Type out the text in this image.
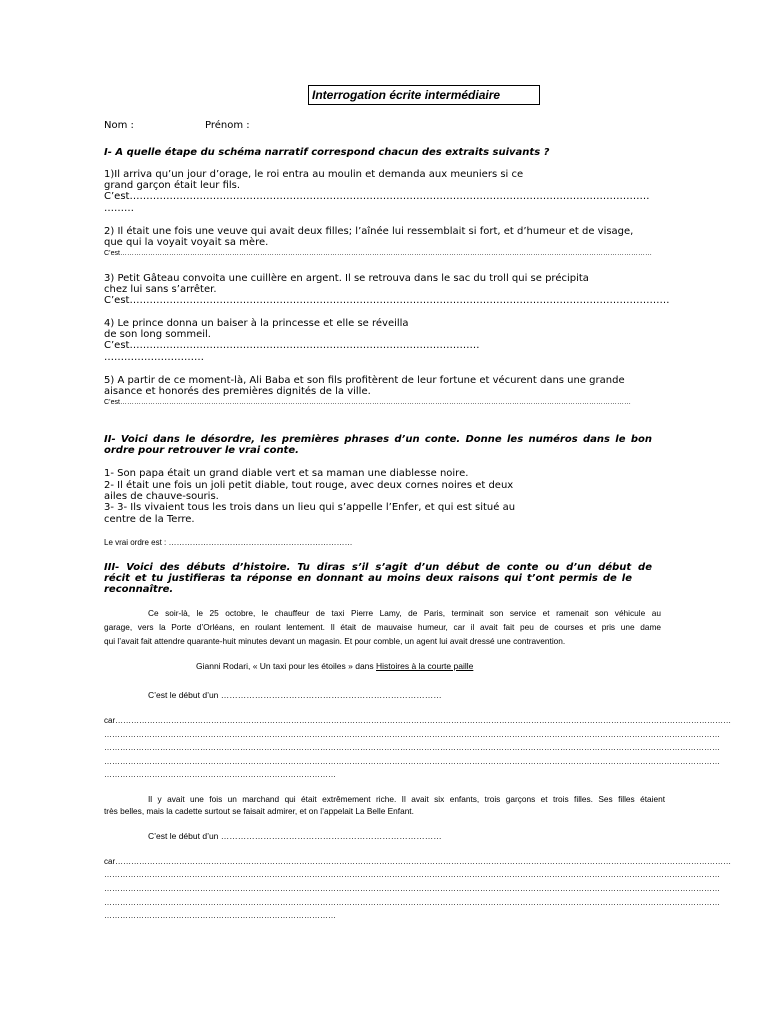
Interrogation écrite intermédiaire
Nom :	Prénom :
I- A quelle étape du schéma narratif correspond chacun des extraits suivants ?
1)Il arriva qu’un jour d’orage, le roi entra au moulin et demanda aux meuniers si ce
grand garçon était leur fils.
C’est…………………………………………………………………………………………………………………………………………
………
2) Il était une fois une veuve qui avait deux filles; l’aînée lui ressemblait si fort, et d’humeur et de visage,
que qui la voyait voyait sa mère.
C’est…………………………………………………………………………………………………………………………………………………………………………………………………………
3) Petit Gâteau convoita une cuillère en argent. Il se retrouva dans le sac du troll qui se précipita
chez lui sans s’arrêter.
C’est………………………………………………………………………………………………………………………………………………
4) Le prince donna un baiser à la princesse et elle se réveilla
de son long sommeil.
C’est……………………………………………………………………………………………
…………………………
5) A partir de ce moment-là, Ali Baba et son fils profitèrent de leur fortune et vécurent dans une grande
aisance et honorés des premières dignités de la ville.
C’est…………………………………………………………………………………………………………………………………………………………………………………………………
II- Voici dans le désordre, les premières phrases d’un conte. Donne les numéros dans le bon
ordre pour retrouver le vrai conte.
1- Son papa était un grand diable vert et sa maman une diablesse noire.
2- Il était une fois un joli petit diable, tout rouge, avec deux cornes noires et deux
ailes de chauve-souris.
3- 3- Ils vivaient tous les trois dans un lieu qui s’appelle l’Enfer, et qui est situé au
centre de la Terre.
Le vrai ordre est : ……………………………………………………………
III- Voici des débuts d’histoire. Tu diras s’il s’agit d’un début de conte ou d’un début de
récit et tu justifieras ta réponse en donnant au moins deux raisons qui t’ont permis de le
reconnaître.
Ce soir-là, le 25 octobre, le chauffeur de taxi Pierre Lamy, de Paris, terminait son service et ramenait son véhicule au
garage, vers la Porte d’Orléans, en roulant lentement. Il était de mauvaise humeur, car il avait fait peu de courses et pris une dame
qui l’avait fait attendre quarante-huit minutes devant un magasin. Et pour comble, un agent lui avait dressé une contravention.
Gianni Rodari, « Un taxi pour les étoiles » dans Histoires à la courte paille
C’est le début d’un ……………………………………………………………………
car……………………………………………………………………………………………………………………………………………………………………………………………………………
……………………………………………………………………………………………………………………………………………………………………………………………………………
……………………………………………………………………………………………………………………………………………………………………………………………………………
……………………………………………………………………………………………………………………………………………………………………………………………………………
……………………………………………………………………………
Il y avait une fois un marchand qui était extrêmement riche. Il avait six enfants, trois garçons et trois filles. Ses filles étaient
très belles, mais la cadette surtout se faisait admirer, et on l’appelait La Belle Enfant.
C’est le début d’un ……………………………………………………………………
car……………………………………………………………………………………………………………………………………………………………………………………………………………
……………………………………………………………………………………………………………………………………………………………………………………………………………
……………………………………………………………………………………………………………………………………………………………………………………………………………
……………………………………………………………………………………………………………………………………………………………………………………………………………
……………………………………………………………………………
